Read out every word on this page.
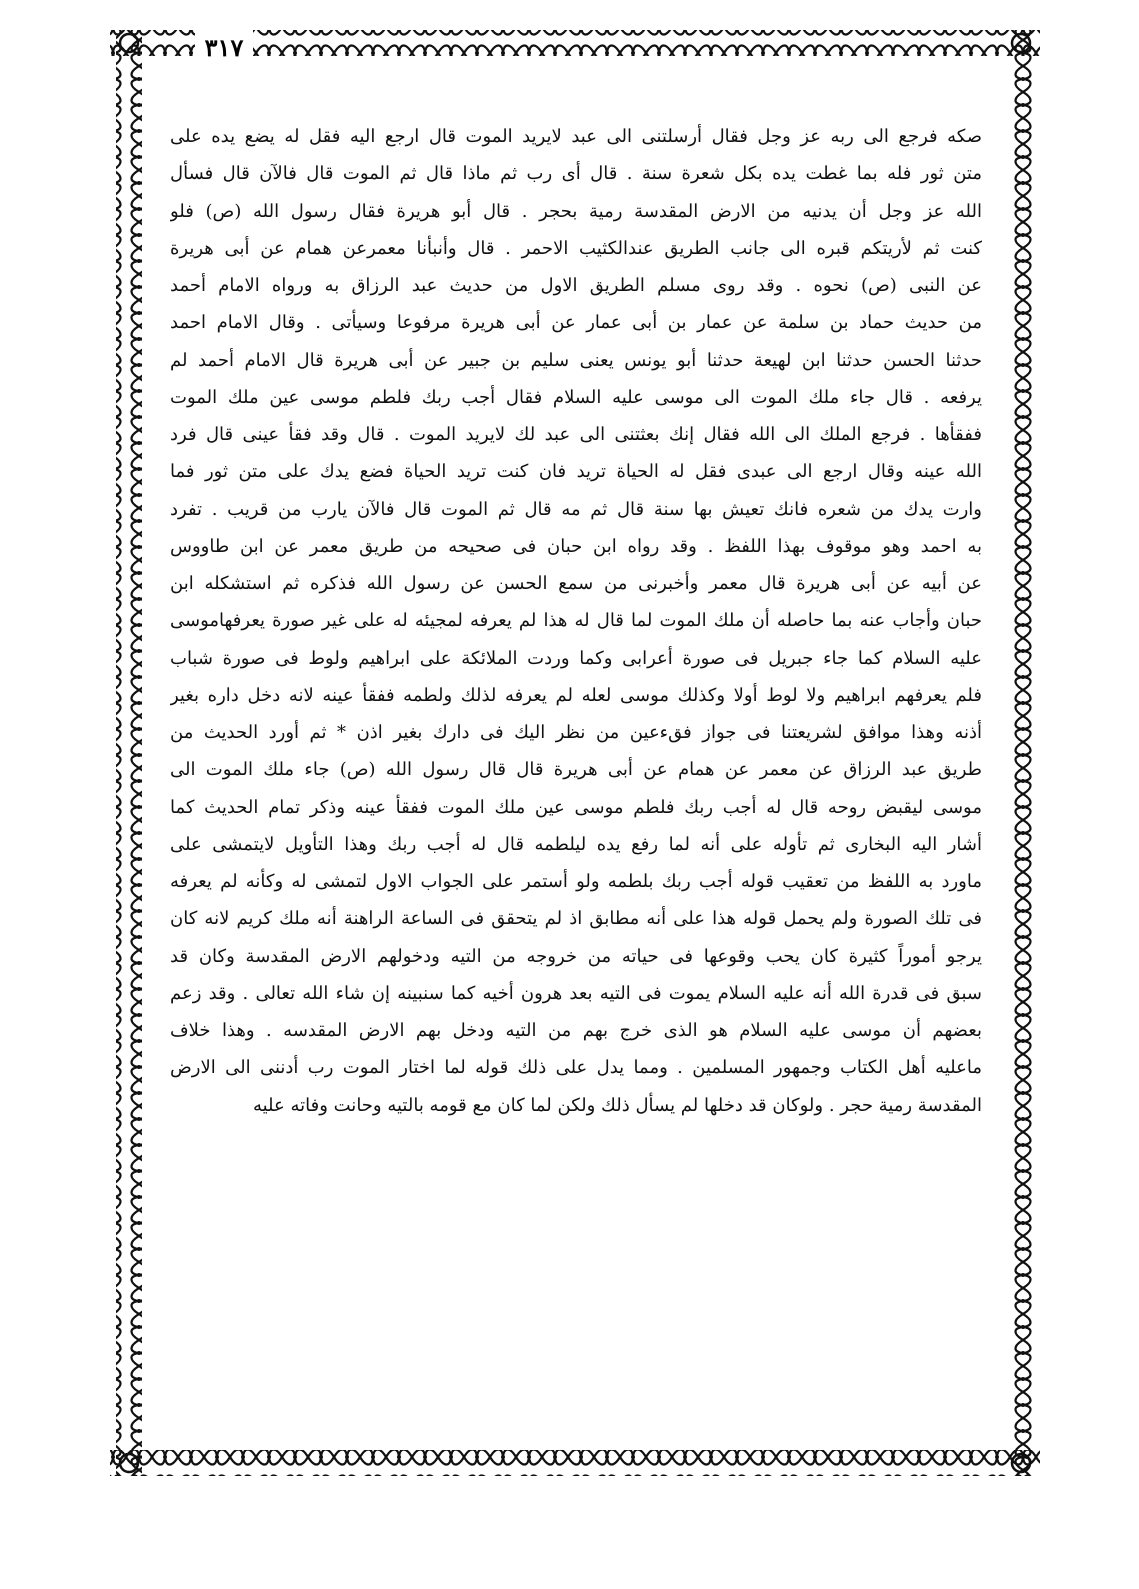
٣١٧
صكه فرجع الى ربه عز وجل فقال أرسلتنى الى عبد لايريد الموت قال ارجع اليه فقل له يضع يده على
متن ثور فله بما غطت يده بكل شعرة سنة . قال أى رب ثم ماذا قال ثم الموت قال فالآن قال فسأل
الله عز وجل أن يدنيه من الارض المقدسة رمية بحجر . قال أبو هريرة فقال رسول الله (ص) فلو
كنت ثم لأريتكم قبره الى جانب الطريق عندالكثيب الاحمر . قال وأنبأنا معمرعن همام عن أبى هريرة
عن النبى (ص) نحوه . وقد روى مسلم الطريق الاول من حديث عبد الرزاق به ورواه الامام أحمد
من حديث حماد بن سلمة عن عمار بن أبى عمار عن أبى هريرة مرفوعا وسيأتى . وقال الامام احمد
حدثنا الحسن حدثنا ابن لهيعة حدثنا أبو يونس يعنى سليم بن جبير عن أبى هريرة قال الامام أحمد لم
يرفعه . قال جاء ملك الموت الى موسى عليه السلام فقال أجب ربك فلطم موسى عين ملك الموت
ففقأها . فرجع الملك الى الله فقال إنك بعثتنى الى عبد لك لايريد الموت . قال وقد فقأ عينى قال فرد
الله عينه وقال ارجع الى عبدى فقل له الحياة تريد فان كنت تريد الحياة فضع يدك على متن ثور فما
وارت يدك من شعره فانك تعيش بها سنة قال ثم مه قال ثم الموت قال فالآن يارب من قريب . تفرد
به احمد وهو موقوف بهذا اللفظ . وقد رواه ابن حبان فى صحيحه من طريق معمر عن ابن طاووس
عن أبيه عن أبى هريرة قال معمر وأخبرنى من سمع الحسن عن رسول الله فذكره ثم استشكله ابن
حبان وأجاب عنه بما حاصله أن ملك الموت لما قال له هذا لم يعرفه لمجيئه له على غير صورة يعرفهاموسى
عليه السلام كما جاء جبريل فى صورة أعرابى وكما وردت الملائكة على ابراهيم ولوط فى صورة شباب
فلم يعرفهم ابراهيم ولا لوط أولا وكذلك موسى لعله لم يعرفه لذلك ولطمه ففقأ عينه لانه دخل داره بغير
أذنه وهذا موافق لشريعتنا فى جواز فقءعين من نظر اليك فى دارك بغير اذن * ثم أورد الحديث من
طريق عبد الرزاق عن معمر عن همام عن أبى هريرة قال قال رسول الله (ص) جاء ملك الموت الى
موسى ليقبض روحه قال له أجب ربك فلطم موسى عين ملك الموت ففقأ عينه وذكر تمام الحديث كما
أشار اليه البخارى ثم تأوله على أنه لما رفع يده ليلطمه قال له أجب ربك وهذا التأويل لايتمشى على
ماورد به اللفظ من تعقيب قوله أجب ربك بلطمه ولو أستمر على الجواب الاول لتمشى له وكأنه لم يعرفه
فى تلك الصورة ولم يحمل قوله هذا على أنه مطابق اذ لم يتحقق فى الساعة الراهنة أنه ملك كريم لانه كان
يرجو أموراً كثيرة كان يحب وقوعها فى حياته من خروجه من التيه ودخولهم الارض المقدسة وكان قد
سبق فى قدرة الله أنه عليه السلام يموت فى التيه بعد هرون أخيه كما سنبينه إن شاء الله تعالى . وقد زعم
بعضهم أن موسى عليه السلام هو الذى خرج بهم من التيه ودخل بهم الارض المقدسه . وهذا خلاف
ماعليه أهل الكتاب وجمهور المسلمين . ومما يدل على ذلك قوله لما اختار الموت رب أدننى الى الارض
المقدسة رمية حجر . ولوكان قد دخلها لم يسأل ذلك ولكن لما كان مع قومه بالتيه وحانت وفاته عليه
